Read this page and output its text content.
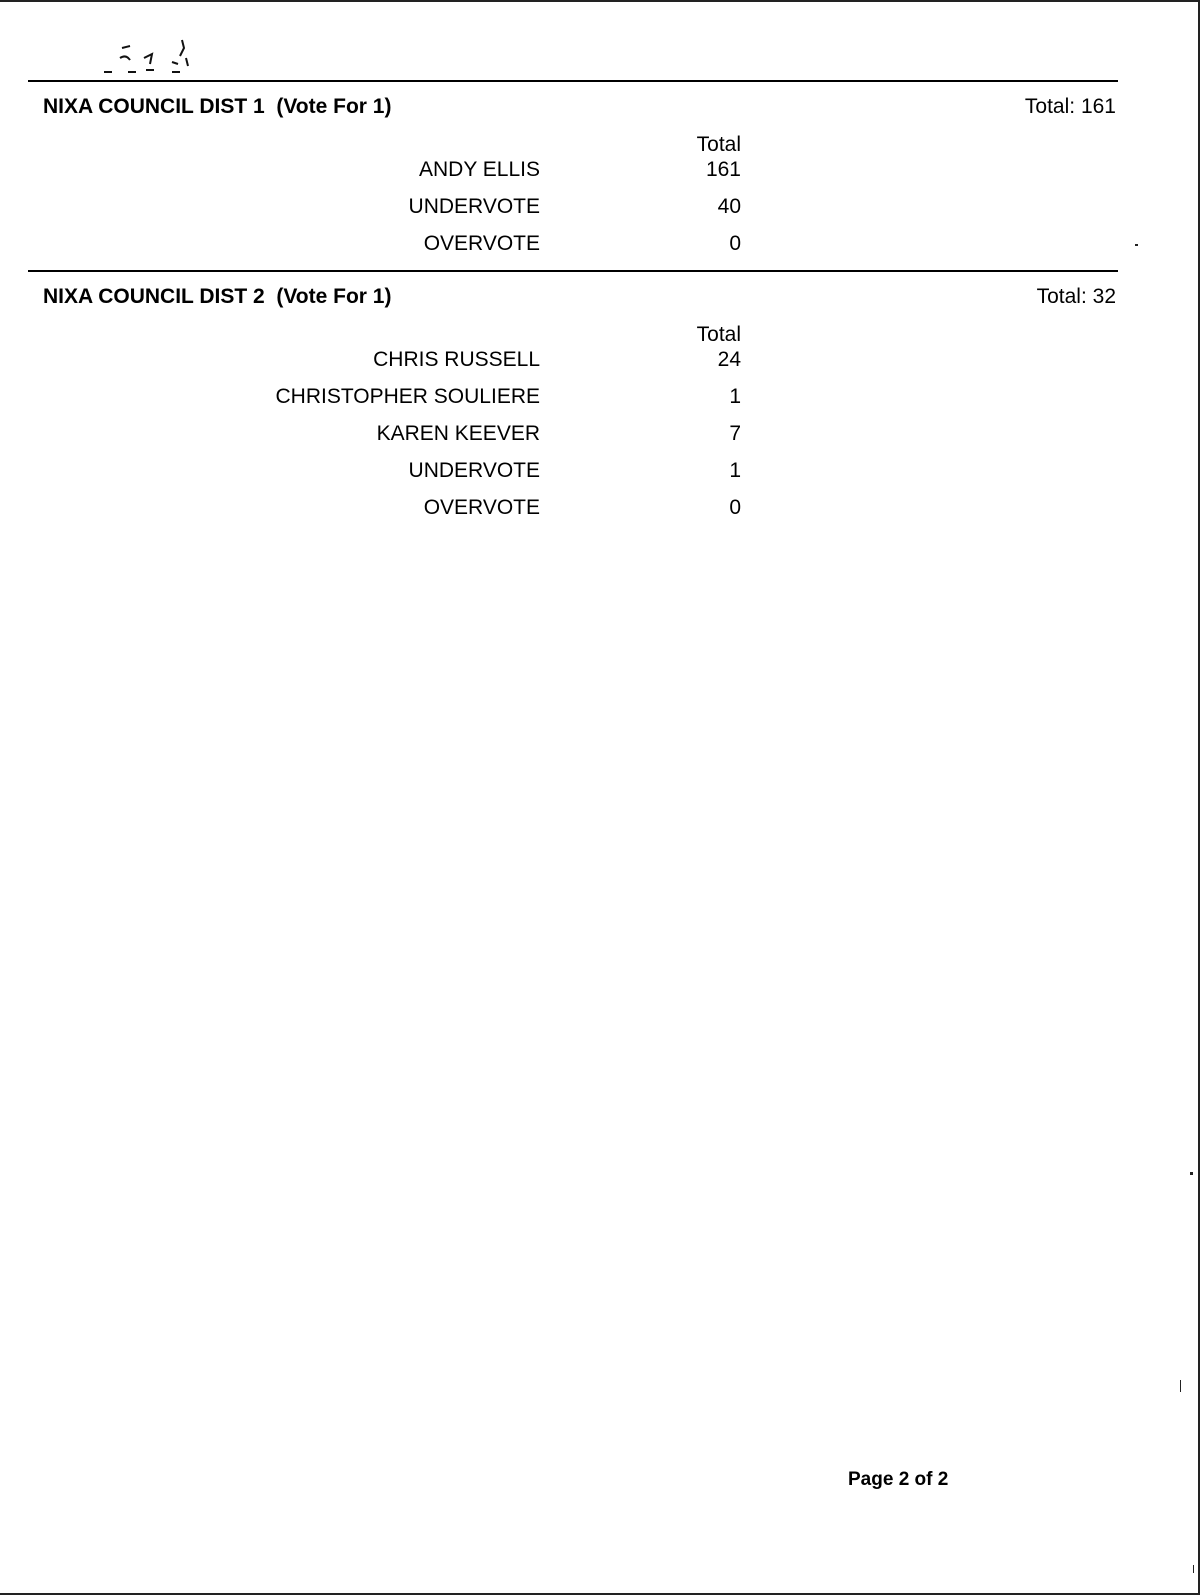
NIXA COUNCIL DIST 1  (Vote For 1)	Total: 161
Total
ANDY ELLIS	161
UNDERVOTE	40
OVERVOTE	0
NIXA COUNCIL DIST 2  (Vote For 1)	Total: 32
Total
CHRIS RUSSELL	24
CHRISTOPHER SOULIERE	1
KAREN KEEVER	7
UNDERVOTE	1
OVERVOTE	0
Page 2 of 2
